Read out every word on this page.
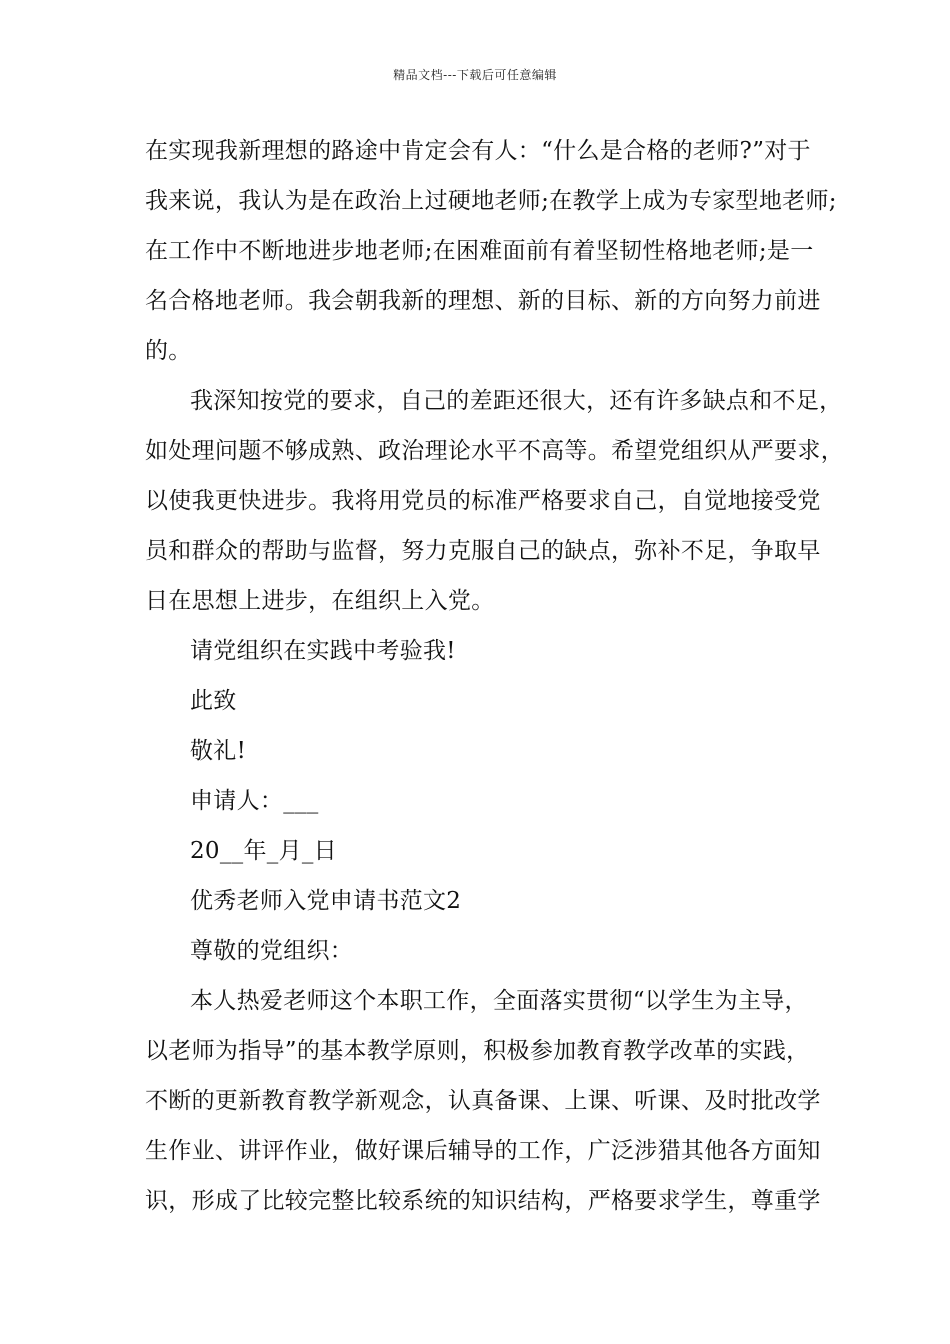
精品文档---下载后可任意编辑
在实现我新理想的路途中肯定会有人：“什么是合格的老师?”对于
我来说，我认为是在政治上过硬地老师;在教学上成为专家型地老师;
在工作中不断地进步地老师;在困难面前有着坚韧性格地老师;是一
名合格地老师。我会朝我新的理想、新的目标、新的方向努力前进
的。
我深知按党的要求，自己的差距还很大，还有许多缺点和不足，
如处理问题不够成熟、政治理论水平不高等。希望党组织从严要求，
以使我更快进步。我将用党员的标准严格要求自己，自觉地接受党
员和群众的帮助与监督，努力克服自己的缺点，弥补不足，争取早
日在思想上进步，在组织上入党。
请党组织在实践中考验我!
此致
敬礼!
申请人：___
20__年_月_日
优秀老师入党申请书范文2
尊敬的党组织：
本人热爱老师这个本职工作，全面落实贯彻“以学生为主导，
以老师为指导”的基本教学原则，积极参加教育教学改革的实践，
不断的更新教育教学新观念，认真备课、上课、听课、及时批改学
生作业、讲评作业，做好课后辅导的工作，广泛涉猎其他各方面知
识，形成了比较完整比较系统的知识结构，严格要求学生，尊重学
